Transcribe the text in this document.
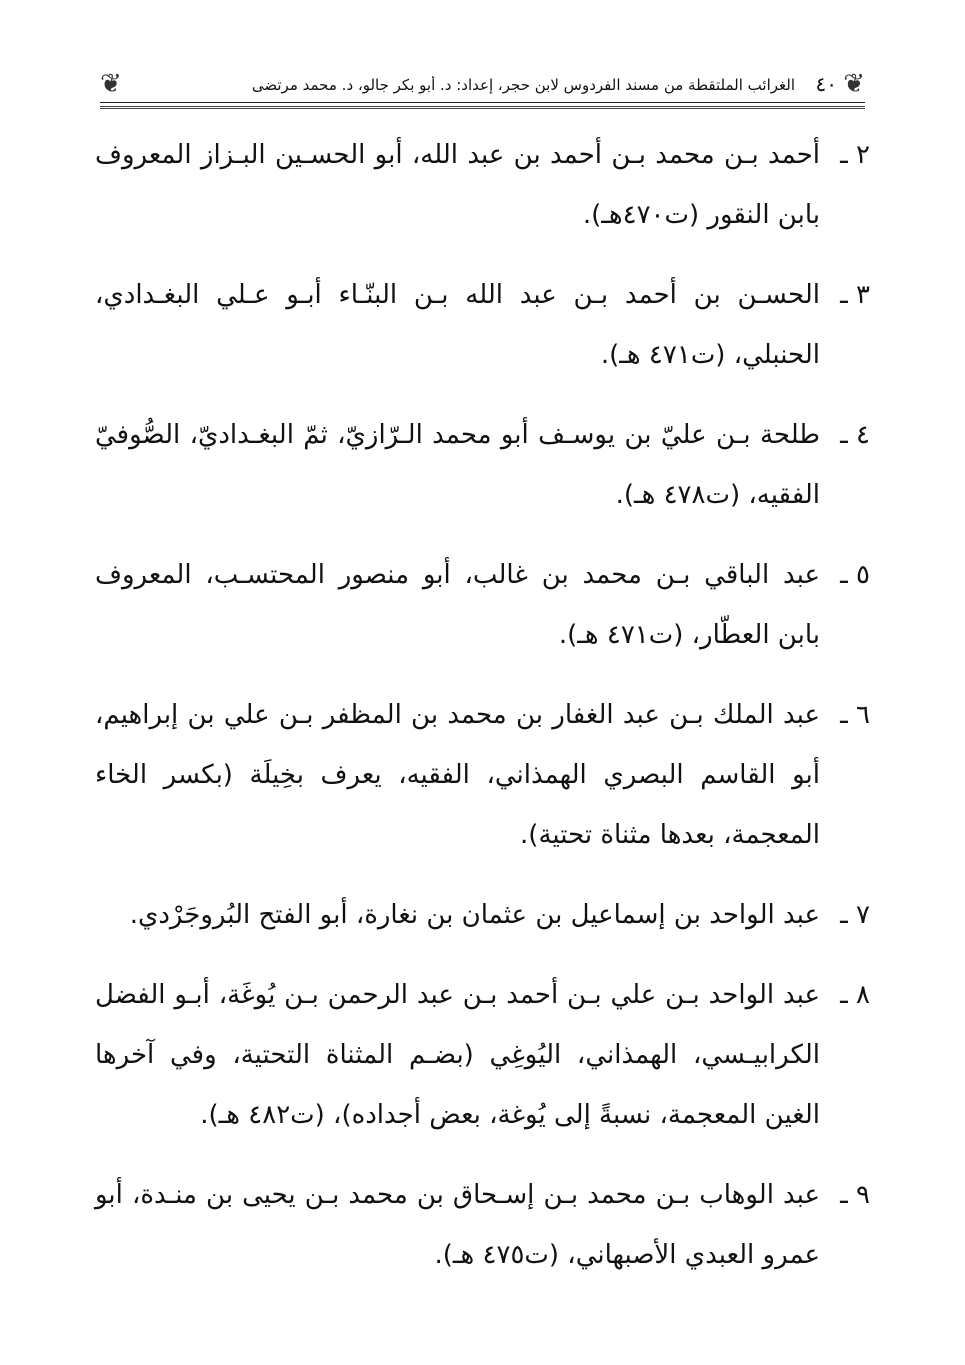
❦
❦	٤٠
الغرائب الملتقطة من مسند الفردوس لابن حجر، إعداد: د. أبو بكر جالو، د. محمد مرتضى
٢ ـ
أحمد بـن محمد بـن أحمد بن عبد الله، أبو الحسـين البـزاز المعروف بابن النقور (ت٤٧٠هـ).
٣ ـ
الحسـن بن أحمد بـن عبد الله بـن البنّـاء أبـو عـلي البغـدادي، الحنبلي، (ت٤٧١ هـ).
٤ ـ
طلحة بـن عليّ بن يوسـف أبو محمد الـرّازيّ، ثمّ البغـداديّ، الصُّوفيّ الفقيه، (ت٤٧٨ هـ).
٥ ـ
عبد الباقي بـن محمد بن غالب، أبو منصور المحتسـب، المعروف بابن العطّار، (ت٤٧١ هـ).
٦ ـ
عبد الملك بـن عبد الغفار بن محمد بن المظفر بـن علي بن إبراهيم، أبو القاسم البصري الهمذاني، الفقيه، يعرف بخِيلَة (بكسر الخاء المعجمة، بعدها مثناة تحتية).
٧ ـ
عبد الواحد بن إسماعيل بن عثمان بن نغارة، أبو الفتح البُروجَرْدي.
٨ ـ
عبد الواحد بـن علي بـن أحمد بـن عبد الرحمن بـن يُوغَة، أبـو الفضل الكرابيـسي، الهمذاني، اليُوغِي (بضـم المثناة التحتية، وفي آخرها الغين المعجمة، نسبةً إلى يُوغة، بعض أجداده)، (ت٤٨٢ هـ).
٩ ـ
عبد الوهاب بـن محمد بـن إسـحاق بن محمد بـن يحيى بن منـدة، أبو عمرو العبدي الأصبهاني، (ت٤٧٥ هـ).
